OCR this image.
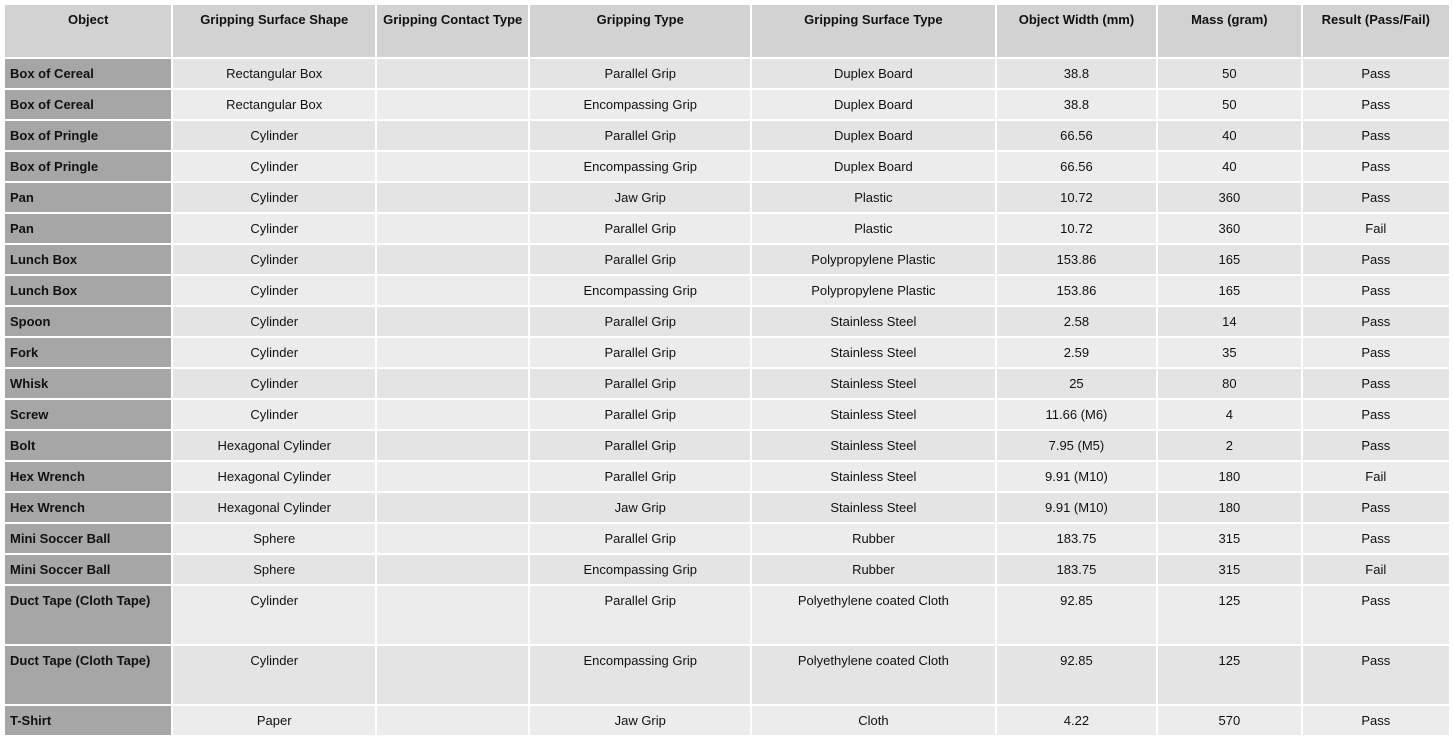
Object	Gripping Surface Shape	Gripping Contact Type	Gripping Type	Gripping Surface Type	Object Width (mm)	Mass (gram)	Result (Pass/Fail)
Box of Cereal	Rectangular Box		Parallel Grip	Duplex Board	38.8	50	Pass
Box of Cereal	Rectangular Box		Encompassing Grip	Duplex Board	38.8	50	Pass
Box of Pringle	Cylinder		Parallel Grip	Duplex Board	66.56	40	Pass
Box of Pringle	Cylinder		Encompassing Grip	Duplex Board	66.56	40	Pass
Pan	Cylinder		Jaw Grip	Plastic	10.72	360	Pass
Pan	Cylinder		Parallel Grip	Plastic	10.72	360	Fail
Lunch Box	Cylinder		Parallel Grip	Polypropylene Plastic	153.86	165	Pass
Lunch Box	Cylinder		Encompassing Grip	Polypropylene Plastic	153.86	165	Pass
Spoon	Cylinder		Parallel Grip	Stainless Steel	2.58	14	Pass
Fork	Cylinder		Parallel Grip	Stainless Steel	2.59	35	Pass
Whisk	Cylinder		Parallel Grip	Stainless Steel	25	80	Pass
Screw	Cylinder		Parallel Grip	Stainless Steel	11.66 (M6)	4	Pass
Bolt	Hexagonal Cylinder		Parallel Grip	Stainless Steel	7.95 (M5)	2	Pass
Hex Wrench	Hexagonal Cylinder		Parallel Grip	Stainless Steel	9.91 (M10)	180	Fail
Hex Wrench	Hexagonal Cylinder		Jaw Grip	Stainless Steel	9.91 (M10)	180	Pass
Mini Soccer Ball	Sphere		Parallel Grip	Rubber	183.75	315	Pass
Mini Soccer Ball	Sphere		Encompassing Grip	Rubber	183.75	315	Fail
Duct Tape (Cloth Tape)	Cylinder		Parallel Grip	Polyethylene coated Cloth	92.85	125	Pass
Duct Tape (Cloth Tape)	Cylinder		Encompassing Grip	Polyethylene coated Cloth	92.85	125	Pass
T-Shirt	Paper		Jaw Grip	Cloth	4.22	570	Pass
